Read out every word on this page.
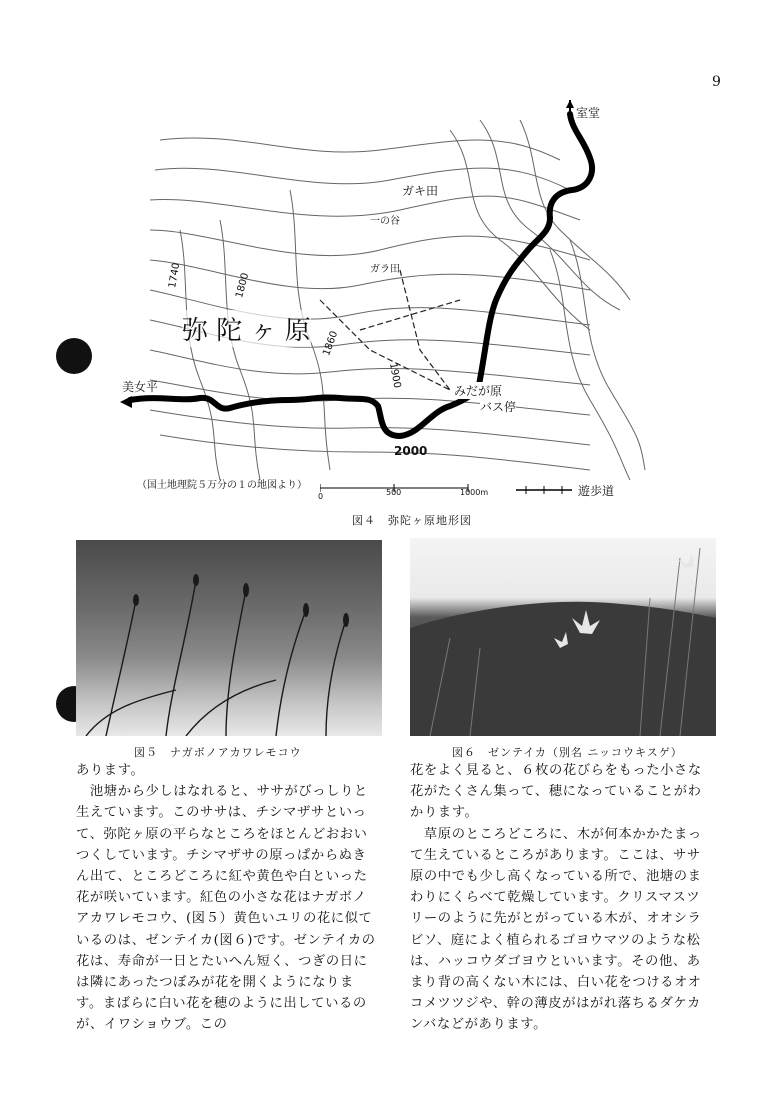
9
室堂
美女平	みだが原
バス停
弥 陀 ヶ 原
ガキ田
一の谷
ガラ田
1740	1800
1860
1900
2000
（国土地理院５万分の１の地図より）
0	500	1000m	遊歩道
図４　弥陀ヶ原地形図
図５　ナガボノアカワレモコウ	図６　ゼンテイカ（別名 ニッコウキスゲ）

あります。
　池塘から少しはなれると、ササがびっしりと生えています。このササは、チシマザサといって、弥陀ヶ原の平らなところをほとんどおおいつくしています。チシマザサの原っぱからぬきん出て、ところどころに紅や黄色や白といった花が咲いています。紅色の小さな花はナガボノアカワレモコウ、(図５）黄色いユリの花に似ているのは、ゼンテイカ(図６)です。ゼンテイカの花は、寿命が一日とたいへん短く、つぎの日には隣にあったつぼみが花を開くようになります。まばらに白い花を穂のように出しているのが、イワショウブ。この

花をよく見ると、６枚の花びらをもった小さな花がたくさん集って、穂になっていることがわかります。
　草原のところどころに、木が何本かかたまって生えているところがあります。ここは、ササ原の中でも少し高くなっている所で、池塘のまわりにくらべて乾燥しています。クリスマスツリーのように先がとがっている木が、オオシラビソ、庭によく植られるゴヨウマツのような松は、ハッコウダゴヨウといいます。その他、あまり背の高くない木には、白い花をつけるオオコメツツジや、幹の薄皮がはがれ落ちるダケカンバなどがあります。
